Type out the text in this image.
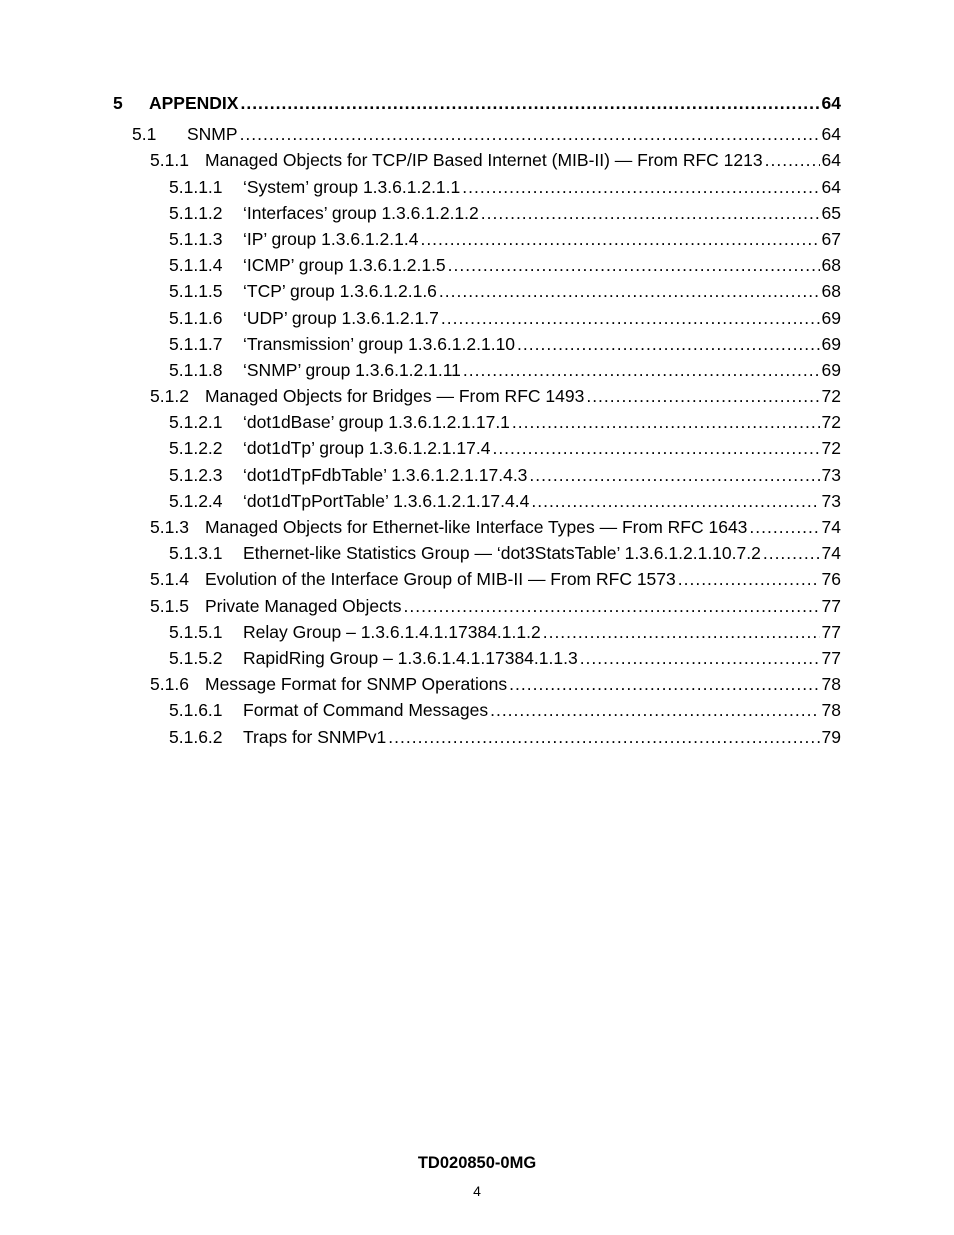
5	APPENDIX .....	64
5.1	SNMP .....	64
5.1.1 Managed Objects for TCP/IP Based Internet (MIB-II) — From RFC 1213 .....	64
5.1.1.1	‘System’ group 1.3.6.1.2.1.1 .....	64
5.1.1.2	‘Interfaces’ group 1.3.6.1.2.1.2 .....	65
5.1.1.3	‘IP’ group 1.3.6.1.2.1.4 .....	67
5.1.1.4	‘ICMP’ group 1.3.6.1.2.1.5 .....	68
5.1.1.5	‘TCP’ group 1.3.6.1.2.1.6 .....	68
5.1.1.6	‘UDP’ group 1.3.6.1.2.1.7 .....	69
5.1.1.7	‘Transmission’ group 1.3.6.1.2.1.10 .....	69
5.1.1.8	‘SNMP’ group 1.3.6.1.2.1.11 .....	69
5.1.2 Managed Objects for Bridges — From RFC 1493 .....	72
5.1.2.1	‘dot1dBase’ group 1.3.6.1.2.1.17.1 .....	72
5.1.2.2	‘dot1dTp’ group 1.3.6.1.2.1.17.4 .....	72
5.1.2.3	‘dot1dTpFdbTable’ 1.3.6.1.2.1.17.4.3 .....	73
5.1.2.4	‘dot1dTpPortTable’ 1.3.6.1.2.1.17.4.4 .....	73
5.1.3 Managed Objects for Ethernet-like Interface Types — From RFC 1643 .....	74
5.1.3.1	Ethernet-like Statistics Group — ‘dot3StatsTable’ 1.3.6.1.2.1.10.7.2 .....	74
5.1.4 Evolution of the Interface Group of MIB-II — From RFC 1573 .....	76
5.1.5 Private Managed Objects .....	77
5.1.5.1	Relay Group – 1.3.6.1.4.1.17384.1.1.2 .....	77
5.1.5.2	RapidRing Group – 1.3.6.1.4.1.17384.1.1.3 .....	77
5.1.6 Message Format for SNMP Operations .....	78
5.1.6.1	Format of Command Messages .....	78
5.1.6.2	Traps for SNMPv1 .....	79
TD020850-0MG
4
